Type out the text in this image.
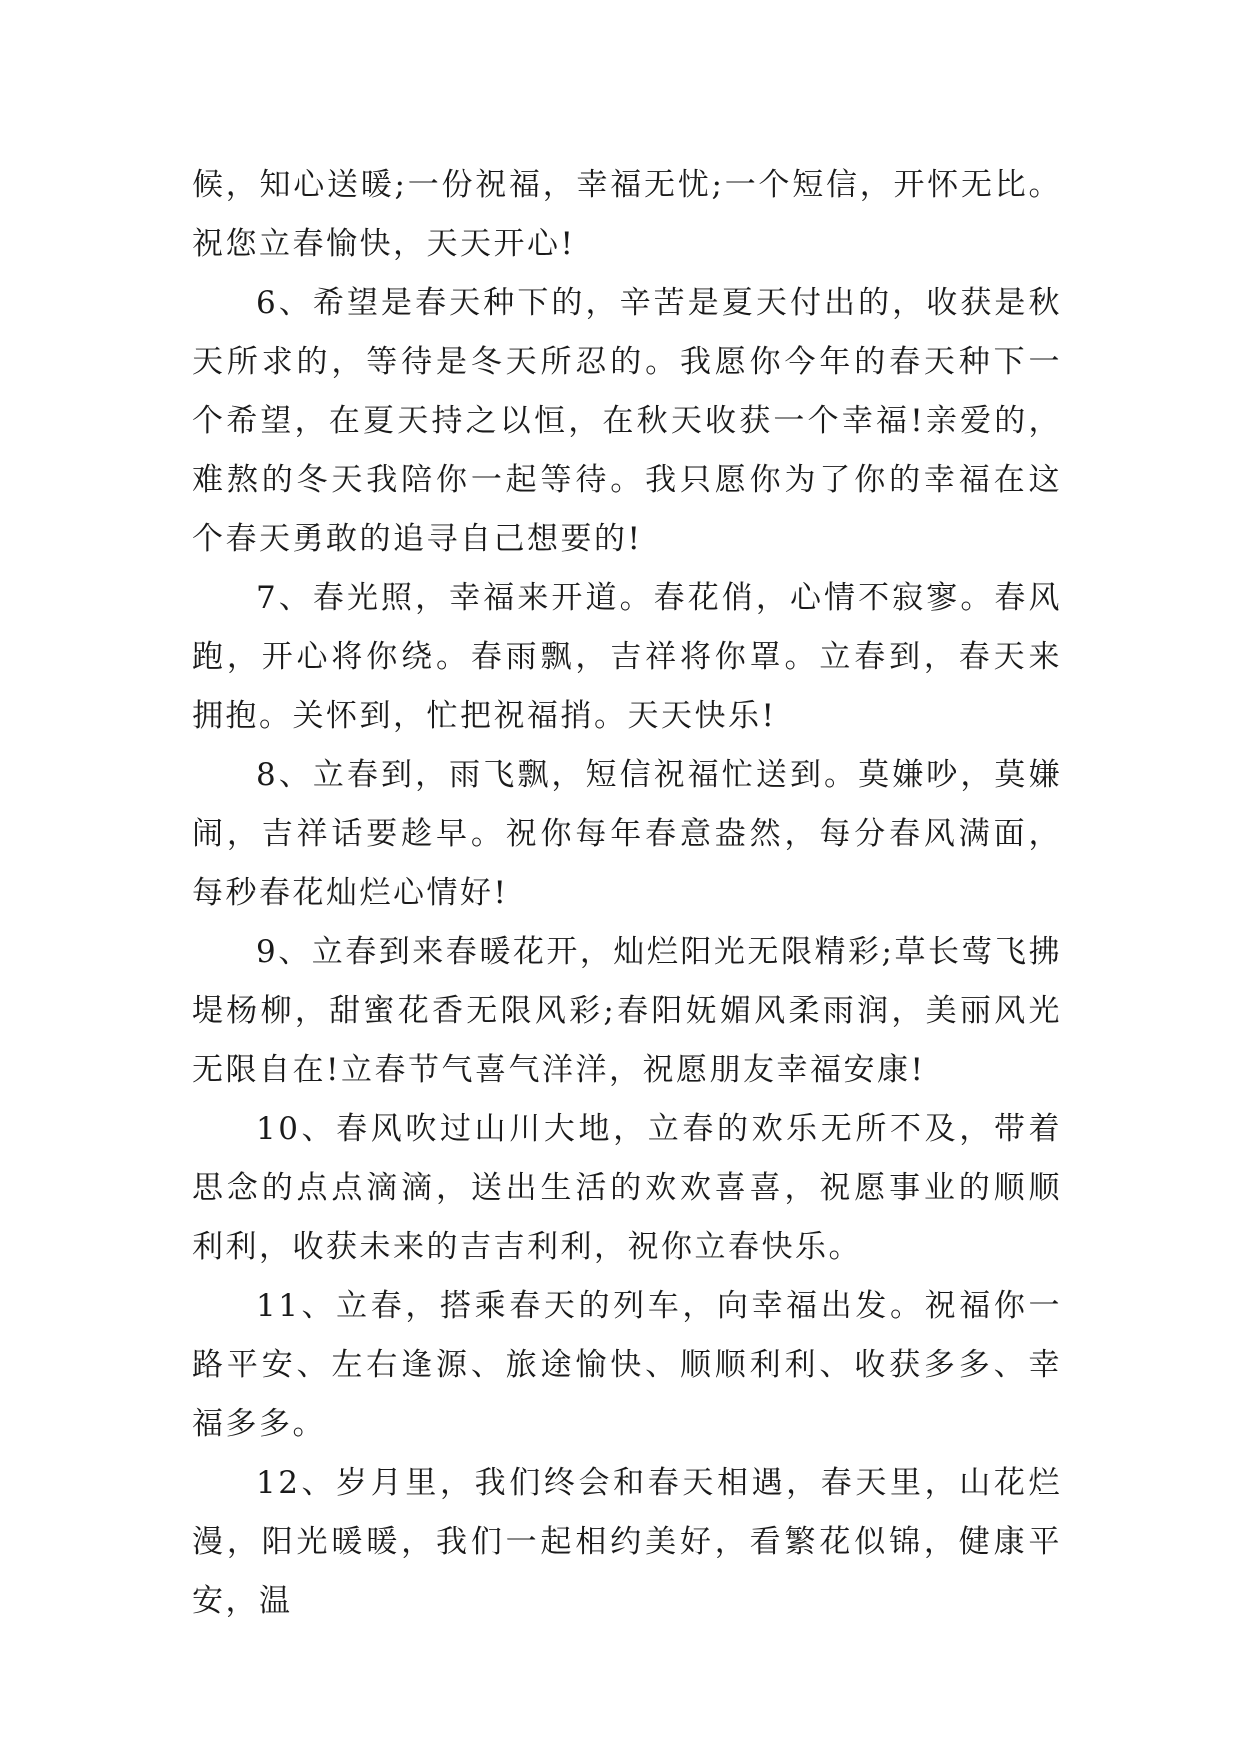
候，知心送暖;一份祝福，幸福无忧;一个短信，开怀无比。祝您立春愉快，天天开心!

6、希望是春天种下的，辛苦是夏天付出的，收获是秋天所求的，等待是冬天所忍的。我愿你今年的春天种下一个希望，在夏天持之以恒，在秋天收获一个幸福!亲爱的，难熬的冬天我陪你一起等待。我只愿你为了你的幸福在这个春天勇敢的追寻自己想要的!

7、春光照，幸福来开道。春花俏，心情不寂寥。春风跑，开心将你绕。春雨飘，吉祥将你罩。立春到，春天来拥抱。关怀到，忙把祝福捎。天天快乐!

8、立春到，雨飞飘，短信祝福忙送到。莫嫌吵，莫嫌闹，吉祥话要趁早。祝你每年春意盎然，每分春风满面，每秒春花灿烂心情好!

9、立春到来春暖花开，灿烂阳光无限精彩;草长莺飞拂堤杨柳，甜蜜花香无限风彩;春阳妩媚风柔雨润，美丽风光无限自在!立春节气喜气洋洋，祝愿朋友幸福安康!

10、春风吹过山川大地，立春的欢乐无所不及，带着思念的点点滴滴，送出生活的欢欢喜喜，祝愿事业的顺顺利利，收获未来的吉吉利利，祝你立春快乐。

11、立春，搭乘春天的列车，向幸福出发。祝福你一路平安、左右逢源、旅途愉快、顺顺利利、收获多多、幸福多多。

12、岁月里，我们终会和春天相遇，春天里，山花烂漫，阳光暖暖，我们一起相约美好，看繁花似锦，健康平安，温
